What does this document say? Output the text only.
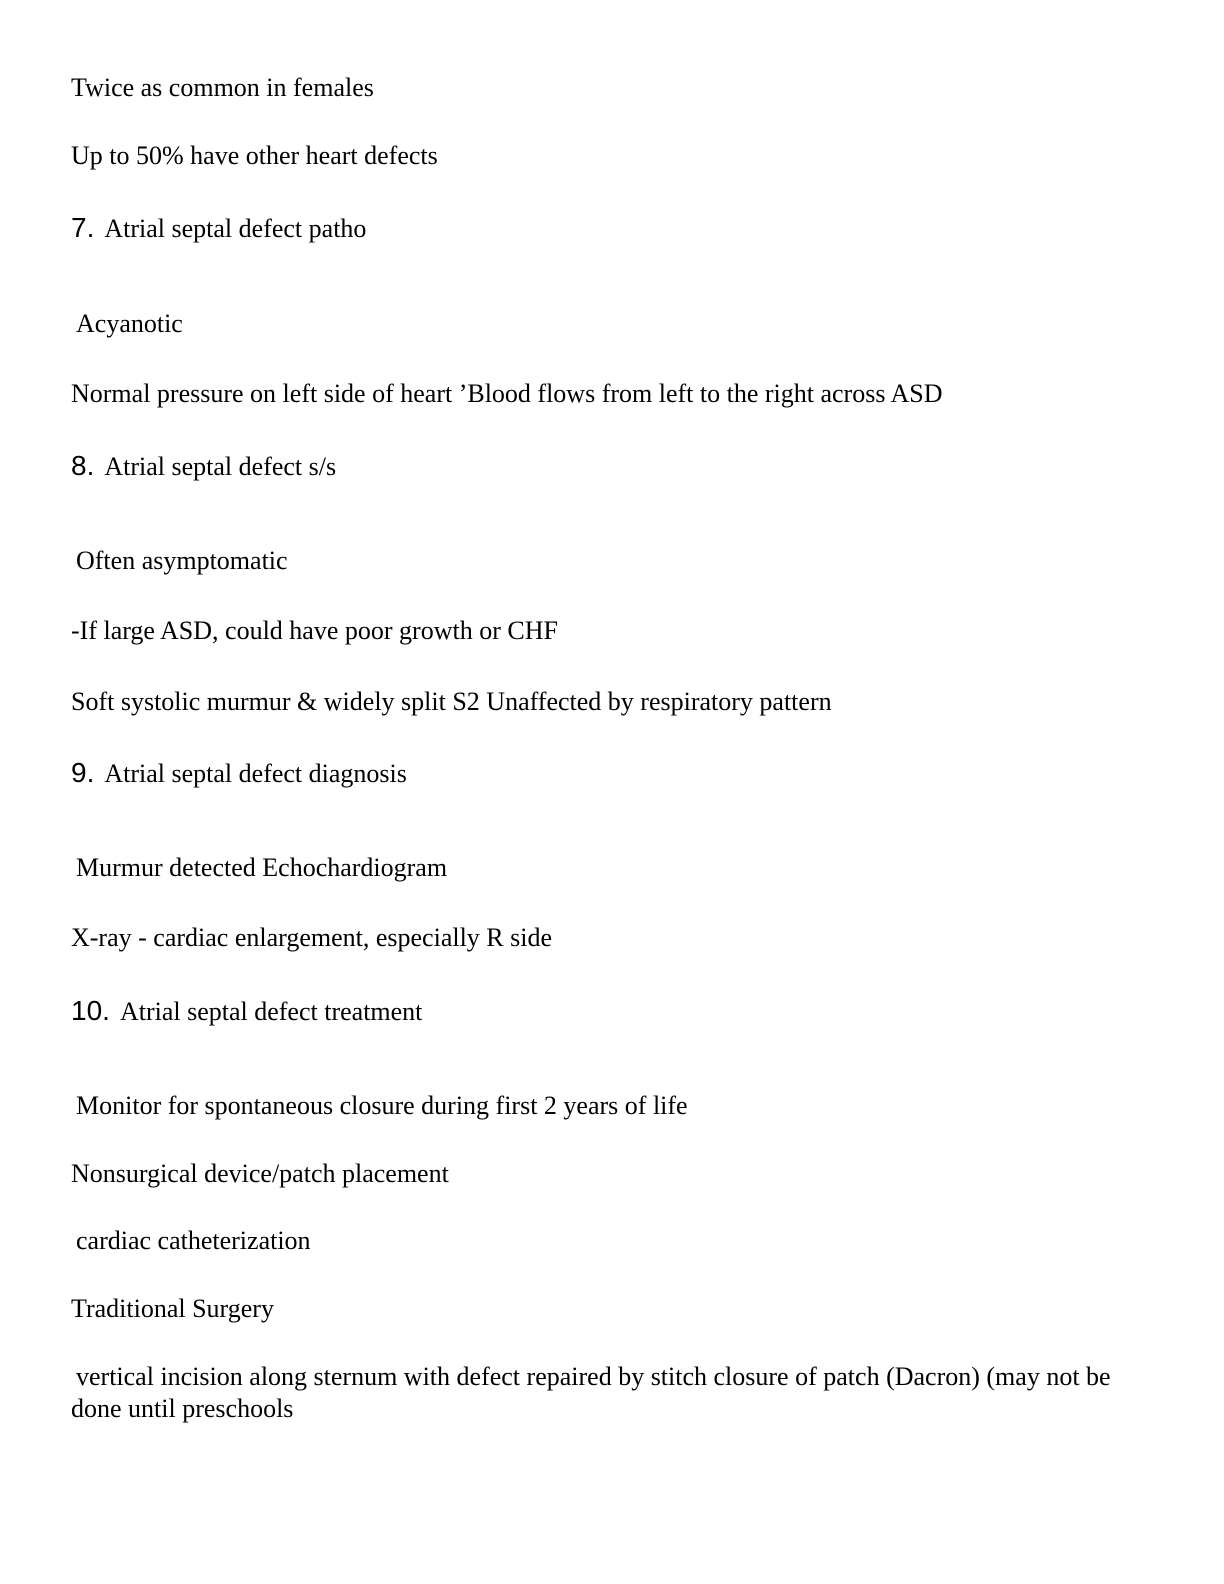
Twice as common in females
Up to 50% have other heart defects
7. Atrial septal defect patho
Acyanotic
Normal pressure on left side of heart ’Blood flows from left to the right across ASD
8. Atrial septal defect s/s
Often asymptomatic
-If large ASD, could have poor growth or CHF
Soft systolic murmur & widely split S2 Unaffected by respiratory pattern
9. Atrial septal defect diagnosis
Murmur detected Echochardiogram
X-ray - cardiac enlargement, especially R side
10. Atrial septal defect treatment
Monitor for spontaneous closure during first 2 years of life
Nonsurgical device/patch placement
cardiac catheterization
Traditional Surgery
vertical incision along sternum with defect repaired by stitch closure of patch (Dacron) (may not be done until preschools
